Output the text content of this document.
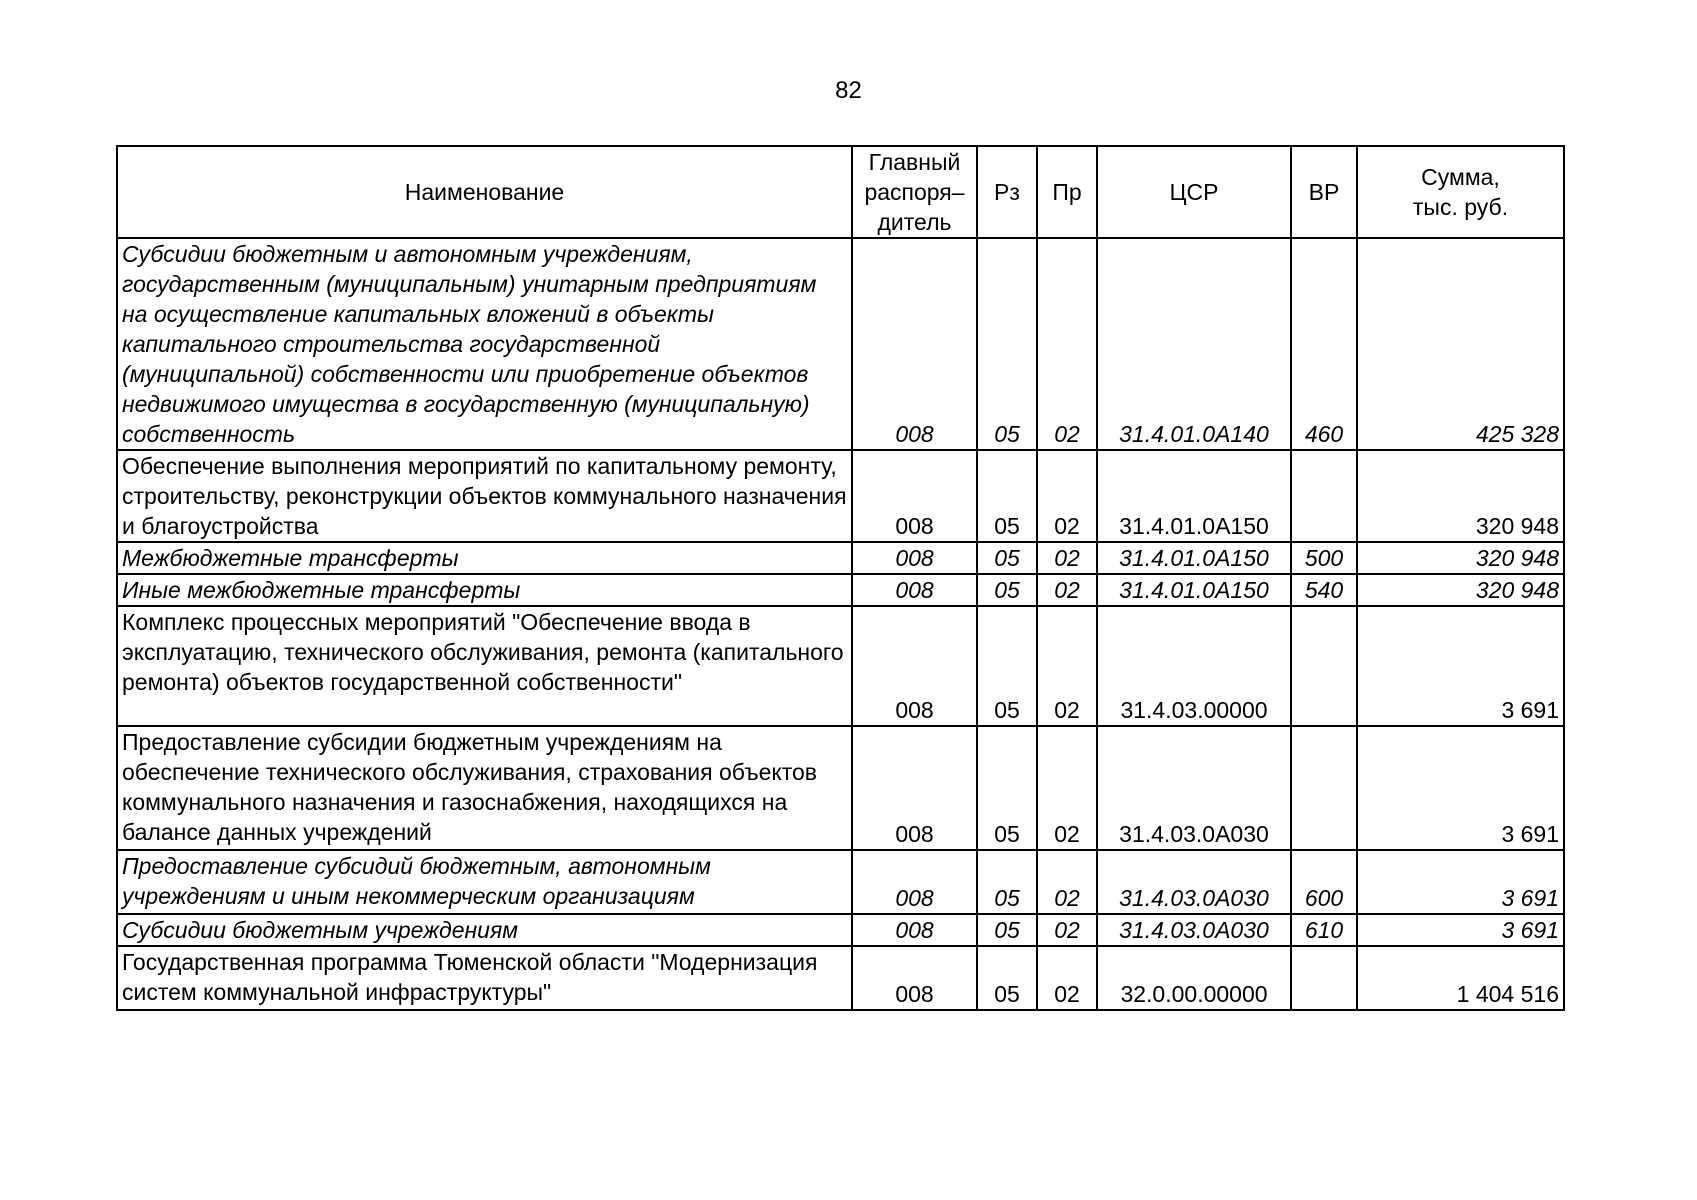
82
Наименование	Главный
распоря–
дитель	Рз	Пр	ЦСР	ВР	Сумма,
тыс. руб.
Субсидии бюджетным и автономным учреждениям, государственным (муниципальным) унитарным предприятиям на осуществление капитальных вложений в объекты капитального строительства государственной (муниципальной) собственности или приобретение объектов недвижимого имущества в государственную (муниципальную) собственность	008	05	02	31.4.01.0А140	460	425 328
Обеспечение выполнения мероприятий по капитальному ремонту, строительству, реконструкции объектов коммунального назначения и благоустройства	008	05	02	31.4.01.0А150		320 948
Межбюджетные трансферты	008	05	02	31.4.01.0А150	500	320 948
Иные межбюджетные трансферты	008	05	02	31.4.01.0А150	540	320 948
Комплекс процессных мероприятий "Обеспечение ввода в эксплуатацию, технического обслуживания, ремонта (капитального ремонта) объектов государственной собственности"	008	05	02	31.4.03.00000		3 691
Предоставление субсидии бюджетным учреждениям на обеспечение технического обслуживания, страхования объектов коммунального назначения и газоснабжения, находящихся на балансе данных учреждений	008	05	02	31.4.03.0А030		3 691
Предоставление субсидий бюджетным, автономным учреждениям и иным некоммерческим организациям	008	05	02	31.4.03.0А030	600	3 691
Субсидии бюджетным учреждениям	008	05	02	31.4.03.0А030	610	3 691
Государственная программа Тюменской области "Модернизация систем коммунальной инфраструктуры"	008	05	02	32.0.00.00000		1 404 516
